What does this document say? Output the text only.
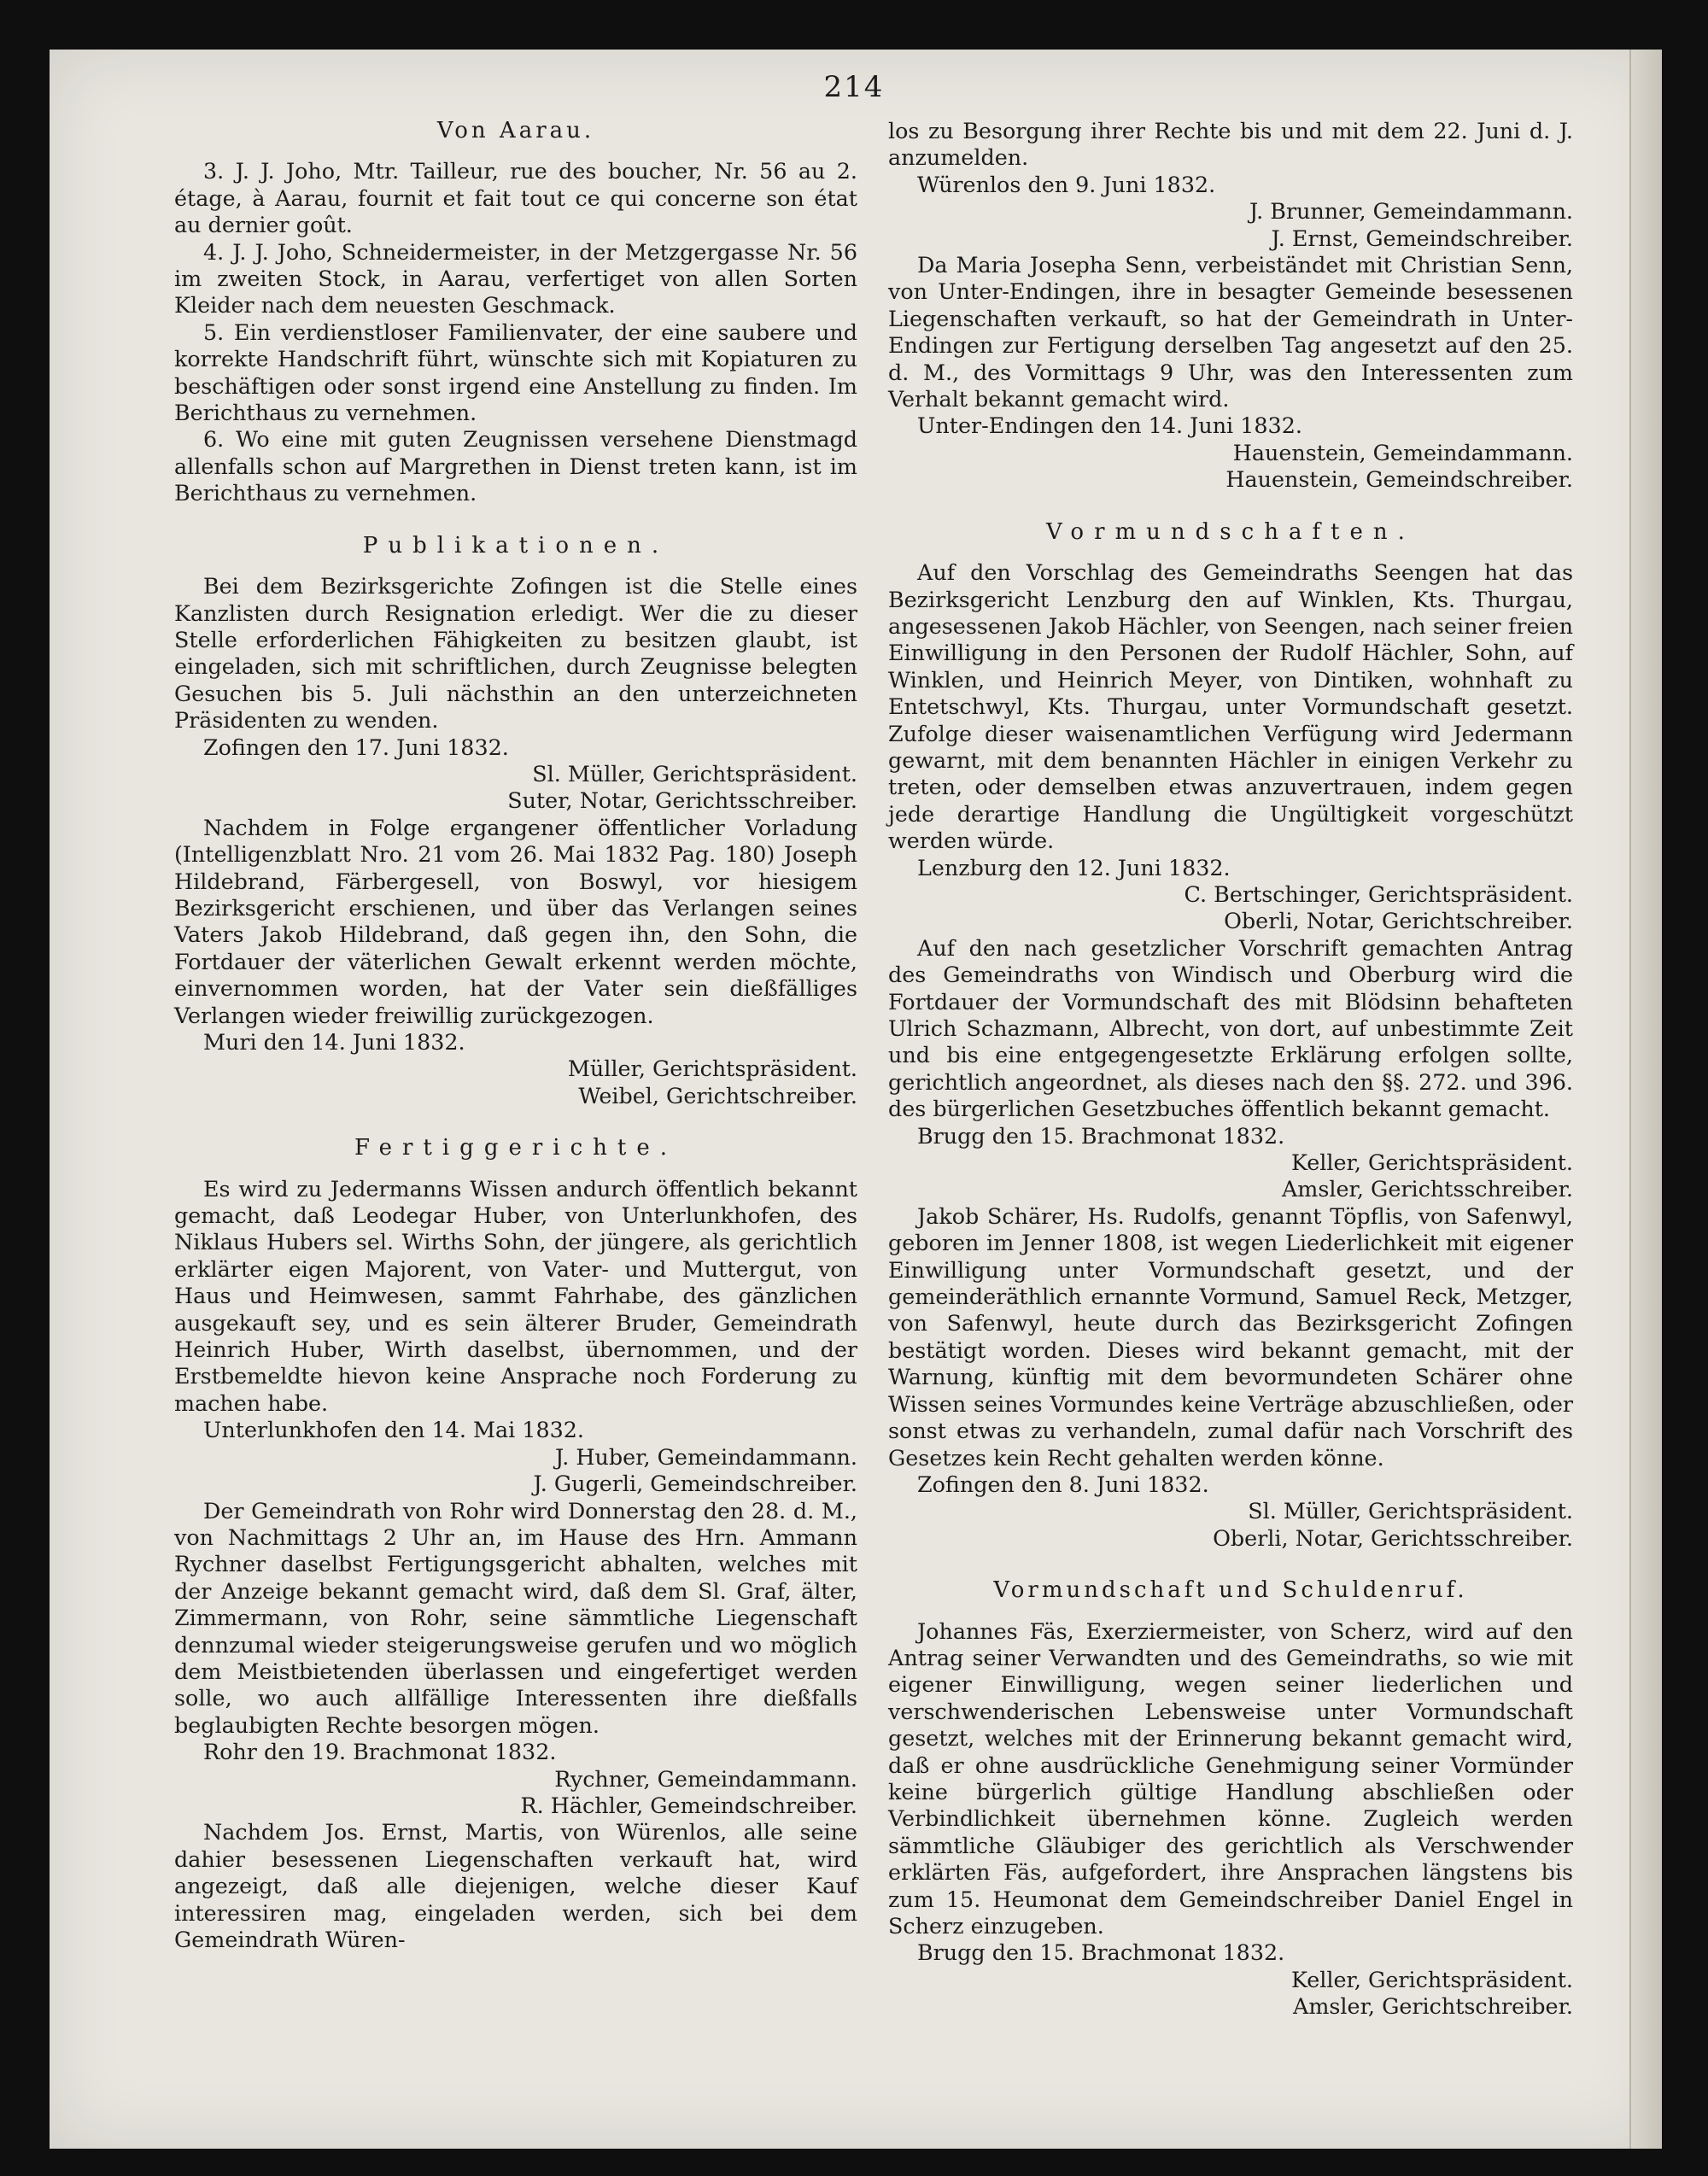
214
Von Aarau.

3. J. J. Joho, Mtr. Tailleur, rue des boucher, Nr. 56 au 2. étage, à Aarau, fournit et fait tout ce qui concerne son état au dernier goût.

4. J. J. Joho, Schneidermeister, in der Metzgergasse Nr. 56 im zweiten Stock, in Aarau, verfertiget von allen Sorten Kleider nach dem neuesten Geschmack.

5. Ein verdienstloser Familienvater, der eine saubere und korrekte Handschrift führt, wünschte sich mit Kopiaturen zu beschäftigen oder sonst irgend eine Anstellung zu finden. Im Berichthaus zu vernehmen.

6. Wo eine mit guten Zeugnissen versehene Dienstmagd allenfalls schon auf Margrethen in Dienst treten kann, ist im Berichthaus zu vernehmen.

Publikationen.

Bei dem Bezirksgerichte Zofingen ist die Stelle eines Kanzlisten durch Resignation erledigt. Wer die zu dieser Stelle erforderlichen Fähigkeiten zu besitzen glaubt, ist eingeladen, sich mit schriftlichen, durch Zeugnisse belegten Gesuchen bis 5. Juli nächsthin an den unterzeichneten Präsidenten zu wenden.

Zofingen den 17. Juni 1832.

Sl. Müller, Gerichtspräsident.

Suter, Notar, Gerichtsschreiber.

Nachdem in Folge ergangener öffentlicher Vorladung (Intelligenzblatt Nro. 21 vom 26. Mai 1832 Pag. 180) Joseph Hildebrand, Färbergesell, von Boswyl, vor hiesigem Bezirksgericht erschienen, und über das Verlangen seines Vaters Jakob Hildebrand, daß gegen ihn, den Sohn, die Fortdauer der väterlichen Gewalt erkennt werden möchte, einvernommen worden, hat der Vater sein dießfälliges Verlangen wieder freiwillig zurückgezogen.

Muri den 14. Juni 1832.

Müller, Gerichtspräsident.

Weibel, Gerichtschreiber.

Fertiggerichte.

Es wird zu Jedermanns Wissen andurch öffentlich bekannt gemacht, daß Leodegar Huber, von Unterlunkhofen, des Niklaus Hubers sel. Wirths Sohn, der jüngere, als gerichtlich erklärter eigen Majorent, von Vater- und Muttergut, von Haus und Heimwesen, sammt Fahrhabe, des gänzlichen ausgekauft sey, und es sein älterer Bruder, Gemeindrath Heinrich Huber, Wirth daselbst, übernommen, und der Erstbemeldte hievon keine Ansprache noch Forderung zu machen habe.

Unterlunkhofen den 14. Mai 1832.

J. Huber, Gemeindammann.

J. Gugerli, Gemeindschreiber.

Der Gemeindrath von Rohr wird Donnerstag den 28. d. M., von Nachmittags 2 Uhr an, im Hause des Hrn. Ammann Rychner daselbst Fertigungsgericht abhalten, welches mit der Anzeige bekannt gemacht wird, daß dem Sl. Graf, älter, Zimmermann, von Rohr, seine sämmtliche Liegenschaft dennzumal wieder steigerungsweise gerufen und wo möglich dem Meistbietenden überlassen und eingefertiget werden solle, wo auch allfällige Interessenten ihre dießfalls beglaubigten Rechte besorgen mögen.

Rohr den 19. Brachmonat 1832.

Rychner, Gemeindammann.

R. Hächler, Gemeindschreiber.

Nachdem Jos. Ernst, Martis, von Würenlos, alle seine dahier besessenen Liegenschaften verkauft hat, wird angezeigt, daß alle diejenigen, welche dieser Kauf interessiren mag, eingeladen werden, sich bei dem Gemeindrath Würen-

los zu Besorgung ihrer Rechte bis und mit dem 22. Juni d. J. anzumelden.

Würenlos den 9. Juni 1832.

J. Brunner, Gemeindammann.

J. Ernst, Gemeindschreiber.

Da Maria Josepha Senn, verbeiständet mit Christian Senn, von Unter-Endingen, ihre in besagter Gemeinde besessenen Liegenschaften verkauft, so hat der Gemeindrath in Unter-Endingen zur Fertigung derselben Tag angesetzt auf den 25. d. M., des Vormittags 9 Uhr, was den Interessenten zum Verhalt bekannt gemacht wird.

Unter-Endingen den 14. Juni 1832.

Hauenstein, Gemeindammann.

Hauenstein, Gemeindschreiber.

Vormundschaften.

Auf den Vorschlag des Gemeindraths Seengen hat das Bezirksgericht Lenzburg den auf Winklen, Kts. Thurgau, angesessenen Jakob Hächler, von Seengen, nach seiner freien Einwilligung in den Personen der Rudolf Hächler, Sohn, auf Winklen, und Heinrich Meyer, von Dintiken, wohnhaft zu Entetschwyl, Kts. Thurgau, unter Vormundschaft gesetzt. Zufolge dieser waisenamtlichen Verfügung wird Jedermann gewarnt, mit dem benannten Hächler in einigen Verkehr zu treten, oder demselben etwas anzuvertrauen, indem gegen jede derartige Handlung die Ungültigkeit vorgeschützt werden würde.

Lenzburg den 12. Juni 1832.

C. Bertschinger, Gerichtspräsident.

Oberli, Notar, Gerichtschreiber.

Auf den nach gesetzlicher Vorschrift gemachten Antrag des Gemeindraths von Windisch und Oberburg wird die Fortdauer der Vormundschaft des mit Blödsinn behafteten Ulrich Schazmann, Albrecht, von dort, auf unbestimmte Zeit und bis eine entgegengesetzte Erklärung erfolgen sollte, gerichtlich angeordnet, als dieses nach den §§. 272. und 396. des bürgerlichen Gesetzbuches öffentlich bekannt gemacht.

Brugg den 15. Brachmonat 1832.

Keller, Gerichtspräsident.

Amsler, Gerichtsschreiber.

Jakob Schärer, Hs. Rudolfs, genannt Töpflis, von Safenwyl, geboren im Jenner 1808, ist wegen Liederlichkeit mit eigener Einwilligung unter Vormundschaft gesetzt, und der gemeinderäthlich ernannte Vormund, Samuel Reck, Metzger, von Safenwyl, heute durch das Bezirksgericht Zofingen bestätigt worden. Dieses wird bekannt gemacht, mit der Warnung, künftig mit dem bevormundeten Schärer ohne Wissen seines Vormundes keine Verträge abzuschließen, oder sonst etwas zu verhandeln, zumal dafür nach Vorschrift des Gesetzes kein Recht gehalten werden könne.

Zofingen den 8. Juni 1832.

Sl. Müller, Gerichtspräsident.

Oberli, Notar, Gerichtsschreiber.

Vormundschaft und Schuldenruf.

Johannes Fäs, Exerziermeister, von Scherz, wird auf den Antrag seiner Verwandten und des Gemeindraths, so wie mit eigener Einwilligung, wegen seiner liederlichen und verschwenderischen Lebensweise unter Vormundschaft gesetzt, welches mit der Erinnerung bekannt gemacht wird, daß er ohne ausdrückliche Genehmigung seiner Vormünder keine bürgerlich gültige Handlung abschließen oder Verbindlichkeit übernehmen könne. Zugleich werden sämmtliche Gläubiger des gerichtlich als Verschwender erklärten Fäs, aufgefordert, ihre Ansprachen längstens bis zum 15. Heumonat dem Gemeindschreiber Daniel Engel in Scherz einzugeben.

Brugg den 15. Brachmonat 1832.

Keller, Gerichtspräsident.

Amsler, Gerichtschreiber.
